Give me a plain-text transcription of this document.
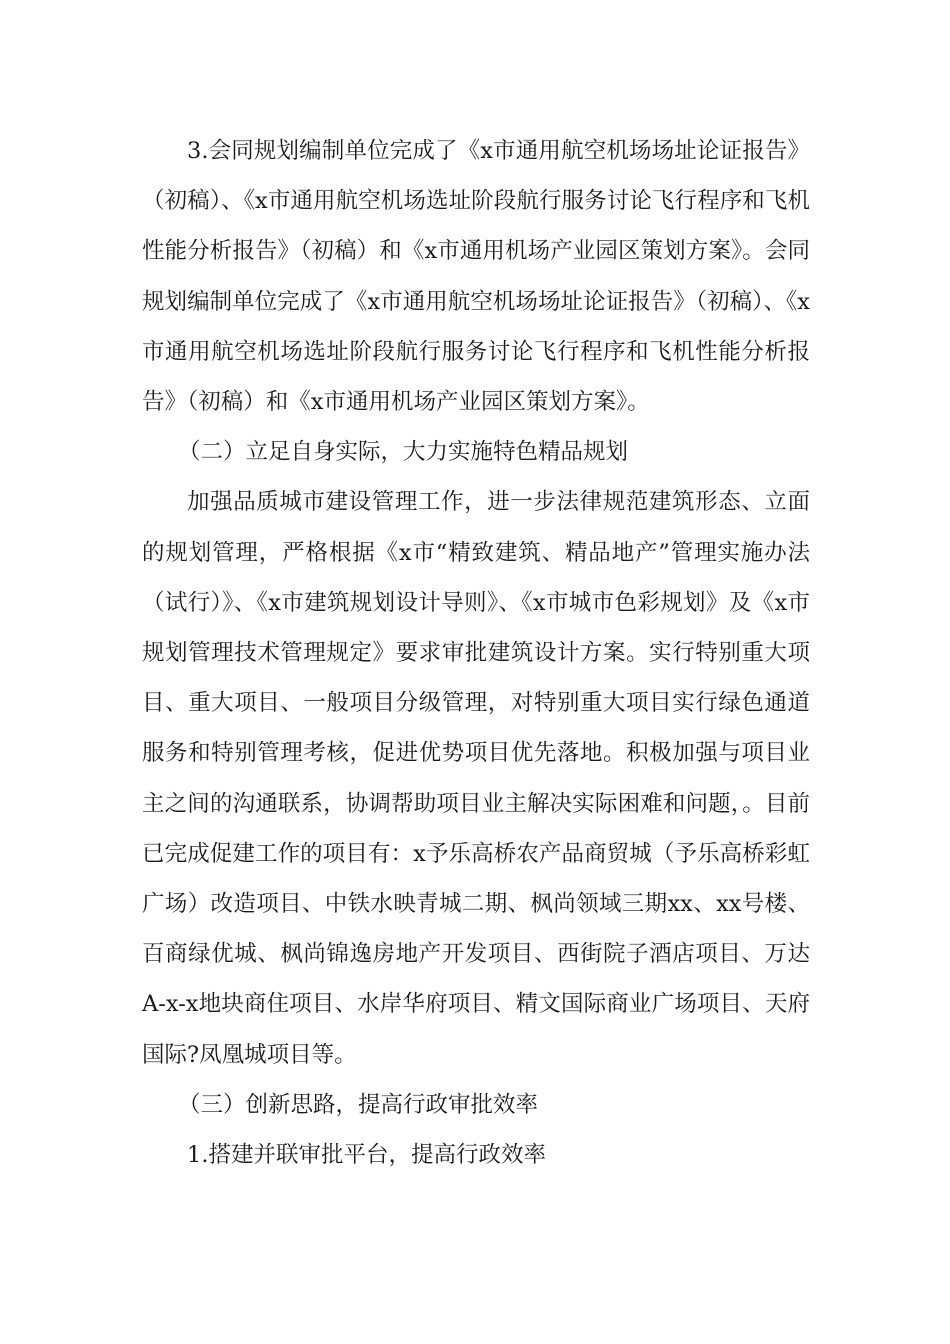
3.会同规划编制单位完成了《x市通用航空机场场址论证报告》（初稿）、《x市通用航空机场选址阶段航行服务讨论飞行程序和飞机性能分析报告》（初稿）和《x市通用机场产业园区策划方案》。会同规划编制单位完成了《x市通用航空机场场址论证报告》（初稿）、《x市通用航空机场选址阶段航行服务讨论飞行程序和飞机性能分析报告》（初稿）和《x市通用机场产业园区策划方案》。

（二）立足自身实际，大力实施特色精品规划

加强品质城市建设管理工作，进一步法律规范建筑形态、立面的规划管理，严格根据《x市“精致建筑、精品地产”管理实施办法（试行）》、《x市建筑规划设计导则》、《x市城市色彩规划》及《x市规划管理技术管理规定》要求审批建筑设计方案。实行特别重大项目、重大项目、一般项目分级管理，对特别重大项目实行绿色通道服务和特别管理考核，促进优势项目优先落地。积极加强与项目业主之间的沟通联系，协调帮助项目业主解决实际困难和问题，。目前已完成促建工作的项目有：x予乐高桥农产品商贸城（予乐高桥彩虹广场）改造项目、中铁水映青城二期、枫尚领域三期xx、xx号楼、百商绿优城、枫尚锦逸房地产开发项目、西街院子酒店项目、万达A-x-x地块商住项目、水岸华府项目、精文国际商业广场项目、天府国际?凤凰城项目等。

（三）创新思路，提高行政审批效率

1.搭建并联审批平台，提高行政效率
